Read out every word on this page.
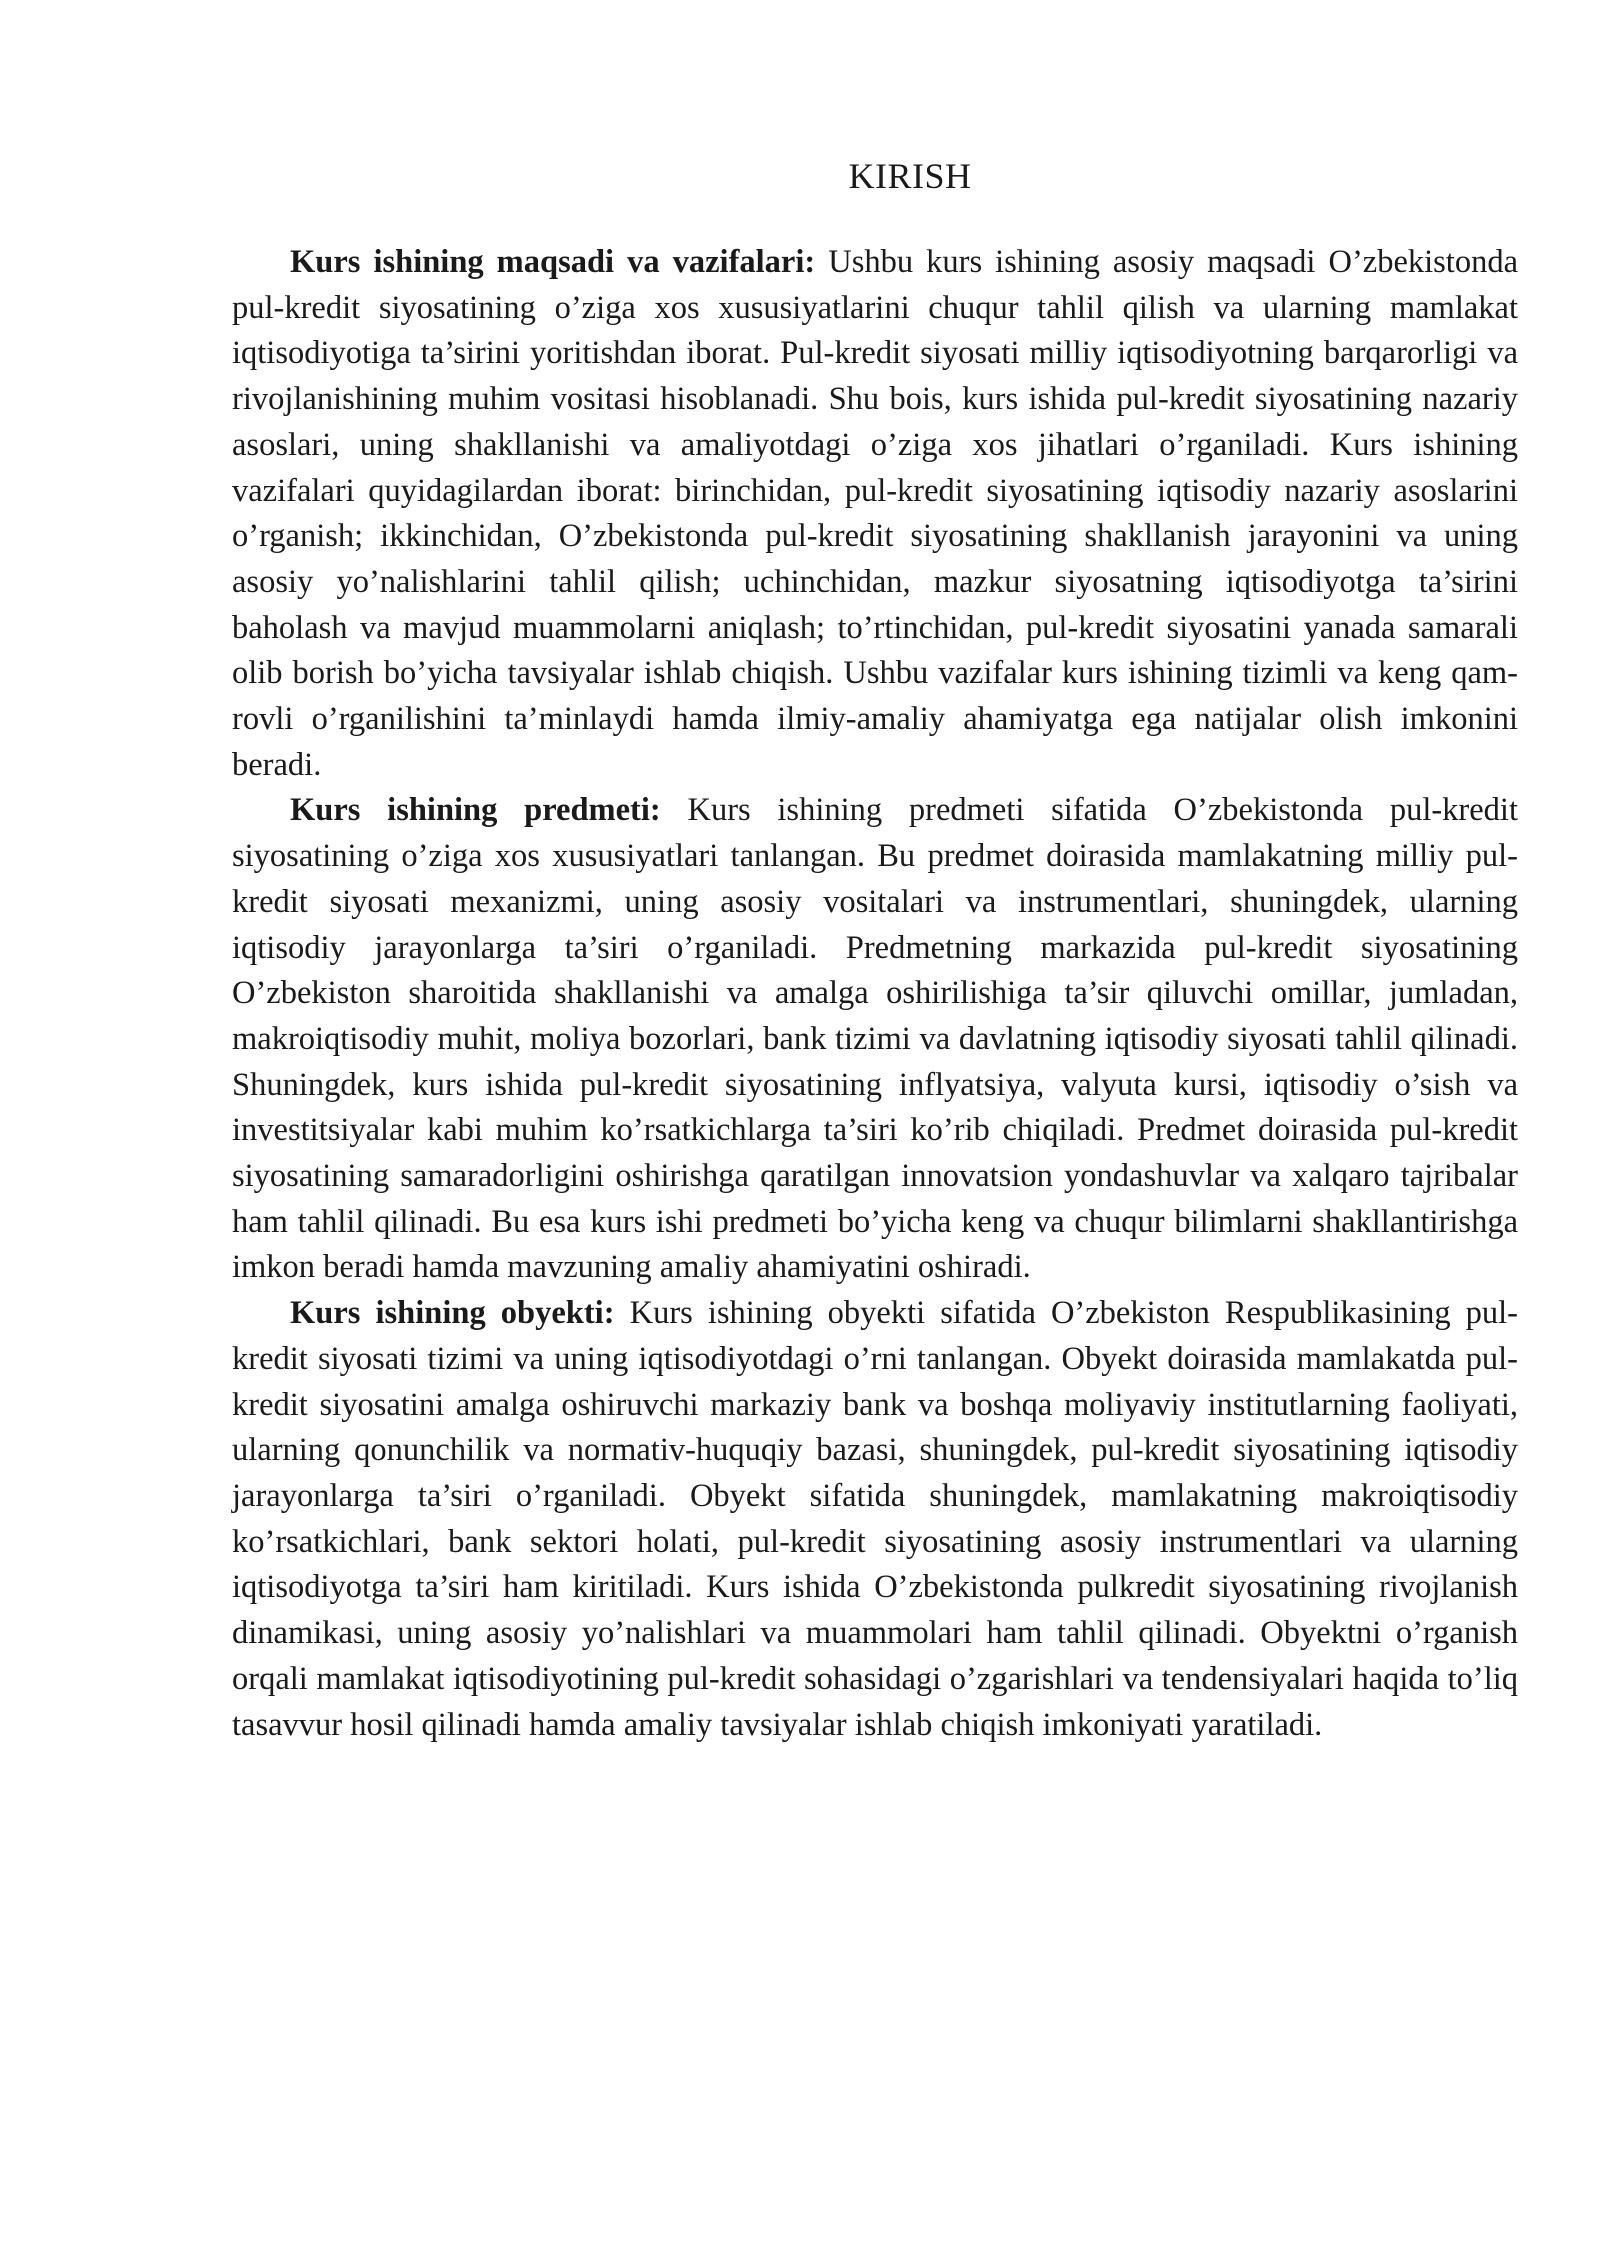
KIRISH

Kurs ishining maqsadi va vazifalari: Ushbu kurs ishining asosiy maqsadi O’zbekistonda pul-kredit siyosatining o’ziga xos xususiyatlarini chuqur tahlil qilish va ularning mamlakat iqtisodiyotiga ta’sirini yoritishdan iborat. Pul-kredit siyosati milliy iqtisodiyotning barqarorligi va rivojlanishining muhim vositasi hisoblanadi. Shu bois, kurs ishida pul-kredit siyosatining nazariy asoslari, uning shakllanishi va amaliyotdagi o’ziga xos jihatlari o’rganiladi. Kurs ishining vazifalari quyidagilardan iborat: birinchidan, pul-kredit siyosatining iqtisodiy nazariy asoslarini o’rganish; ikkinchidan, O’zbekistonda pul-kredit siyosatining shakllanish jarayonini va uning asosiy yo’nalishlarini tahlil qilish; uchinchidan, mazkur siyosatning iqtisodiyotga ta’sirini baholash va mavjud muammolarni aniqlash; to’rtinchidan, pul-kredit siyosatini yanada samarali olib borish bo’yicha tavsiyalar ishlab chiqish. Ushbu vazifalar kurs ishining tizimli va keng qamrovli o’rganilishini ta’minlaydi hamda ilmiy-amaliy ahamiyatga ega natijalar olish imkonini beradi.

Kurs ishining predmeti: Kurs ishining predmeti sifatida O’zbekistonda pul-kredit siyosatining o’ziga xos xususiyatlari tanlangan. Bu predmet doirasida mamlakatning milliy pul-kredit siyosati mexanizmi, uning asosiy vositalari va instrumentlari, shuningdek, ularning iqtisodiy jarayonlarga ta’siri o’rganiladi. Predmetning markazida pul-kredit siyosatining O’zbekiston sharoitida shakllanishi va amalga oshirilishiga ta’sir qiluvchi omillar, jumladan, makroiqtisodiy muhit, moliya bozorlari, bank tizimi va davlatning iqtisodiy siyosati tahlil qilinadi. Shuningdek, kurs ishida pul-kredit siyosatining inflyatsiya, valyuta kursi, iqtisodiy o’sish va investitsiyalar kabi muhim ko’rsatkichlarga ta’siri ko’rib chiqiladi. Predmet doirasida pul-kredit siyosatining samaradorligini oshirishga qaratilgan innovatsion yondashuvlar va xalqaro tajribalar ham tahlil qilinadi. Bu esa kurs ishi predmeti bo’yicha keng va chuqur bilimlarni shakllantirishga imkon beradi hamda mavzuning amaliy ahamiyatini oshiradi.

Kurs ishining obyekti: Kurs ishining obyekti sifatida O’zbekiston Respublikasining pul-kredit siyosati tizimi va uning iqtisodiyotdagi o’rni tanlangan. Obyekt doirasida mamlakatda pul-kredit siyosatini amalga oshiruvchi markaziy bank va boshqa moliyaviy institutlarning faoliyati, ularning qonunchilik va normativ-huquqiy bazasi, shuningdek, pul-kredit siyosatining iqtisodiy jarayonlarga ta’siri o’rganiladi. Obyekt sifatida shuningdek, mamlakatning makroiqtisodiy ko’rsatkichlari, bank sektori holati, pul-kredit siyosatining asosiy instrumentlari va ularning iqtisodiyotga ta’siri ham kiritiladi. Kurs ishida O’zbekistonda pulkredit siyosatining rivojlanish dinamikasi, uning asosiy yo’nalishlari va muammolari ham tahlil qilinadi. Obyektni o’rganish orqali mamlakat iqtisodiyotining pul-kredit sohasidagi o’zgarishlari va tendensiyalari haqida to’liq tasavvur hosil qilinadi hamda amaliy tavsiyalar ishlab chiqish imkoniyati yaratiladi.
